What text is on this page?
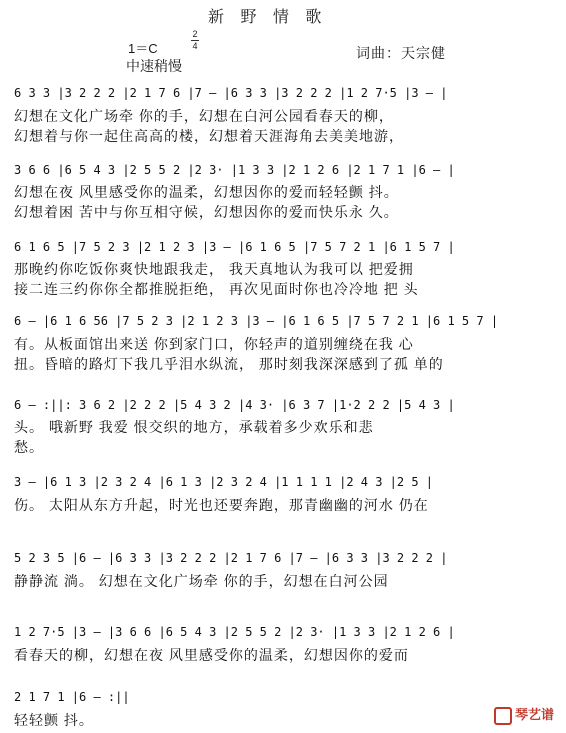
新 野 情 歌
1＝C
2
4
中速稍慢
词曲：天宗健
6 3 3 |3 2 2 2 |2 1 7 6 |7 — |6 3 3 |3 2 2 2 |1 2 7·5 |3 — |
幻想在文化广场牵 你的手，幻想在白河公园看春天的柳，
幻想着与你一起住高高的楼，幻想着天涯海角去美美地游，
3 6 6 |6 5 4 3 |2 5 5 2 |2 3· |1 3 3 |2 1 2 6 |2 1 7 1 |6 — |
幻想在夜 风里感受你的温柔，幻想因你的爱而轻轻颤 抖。
幻想着困 苦中与你互相守候，幻想因你的爱而快乐永 久。
6 1 6 5 |7 5 2 3 |2 1 2 3 |3 — |6 1 6 5 |7 5 7 2 1 |6 1 5 7 |
那晚约你吃饭你爽快地跟我走， 我天真地认为我可以 把爱拥
接二连三约你你全都推脱拒绝， 再次见面时你也冷冷地 把 头
6 — |6 1 6 56 |7 5 2 3 |2 1 2 3 |3 — |6 1 6 5 |7 5 7 2 1 |6 1 5 7 |
有。从板面馆出来送 你到家门口，你轻声的道别缠绕在我 心
扭。昏暗的路灯下我几乎泪水纵流， 那时刻我深深感到了孤 单的
6 — :||: 3 6 2 |2 2 2 |5 4 3 2 |4 3· |6 3 7 |1·2 2 2 |5 4 3 |
头。 哦新野 我爱 恨交织的地方，承载着多少欢乐和悲
愁。
3 — |6 1 3 |2 3 2 4 |6 1 3 |2 3 2 4 |1 1 1 1 |2 4 3 |2 5 |
伤。 太阳从东方升起，时光也还要奔跑，那青幽幽的河水 仍在
5 2 3 5 |6 — |6 3 3 |3 2 2 2 |2 1 7 6 |7 — |6 3 3 |3 2 2 2 |
静静流 淌。 幻想在文化广场牵 你的手，幻想在白河公园
1 2 7·5 |3 — |3 6 6 |6 5 4 3 |2 5 5 2 |2 3· |1 3 3 |2 1 2 6 |
看春天的柳，幻想在夜 风里感受你的温柔，幻想因你的爱而
2 1 7 1 |6 — :||
轻轻颤 抖。	琴艺谱
